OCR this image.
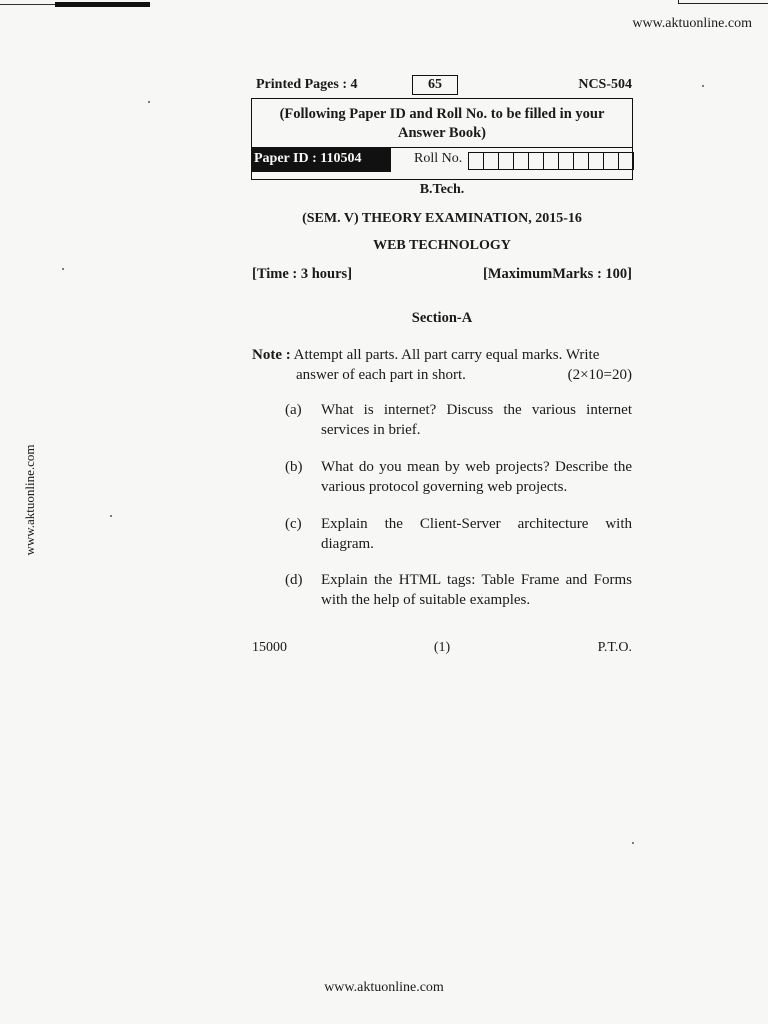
www.aktuonline.com
www.aktuonline.com
Printed Pages : 4	65	NCS-504
(Following Paper ID and Roll No. to be filled in your
Answer Book)
Paper ID : 110504	Roll No.
B.Tech.
(SEM. V) THEORY EXAMINATION, 2015-16
WEB TECHNOLOGY
[Time : 3 hours]	[MaximumMarks : 100]
Section-A
Note : Attempt all parts. All part carry equal marks. Write
answer of each part in short.	(2×10=20)
(a)	What is internet? Discuss the various internet services in brief.
(b)	What do you mean by web projects? Describe the various protocol governing web projects.
(c)	Explain the Client-Server architecture with diagram.
(d)	Explain the HTML tags: Table Frame and Forms with the help of suitable examples.
15000	(1)	P.T.O.
www.aktuonline.com
